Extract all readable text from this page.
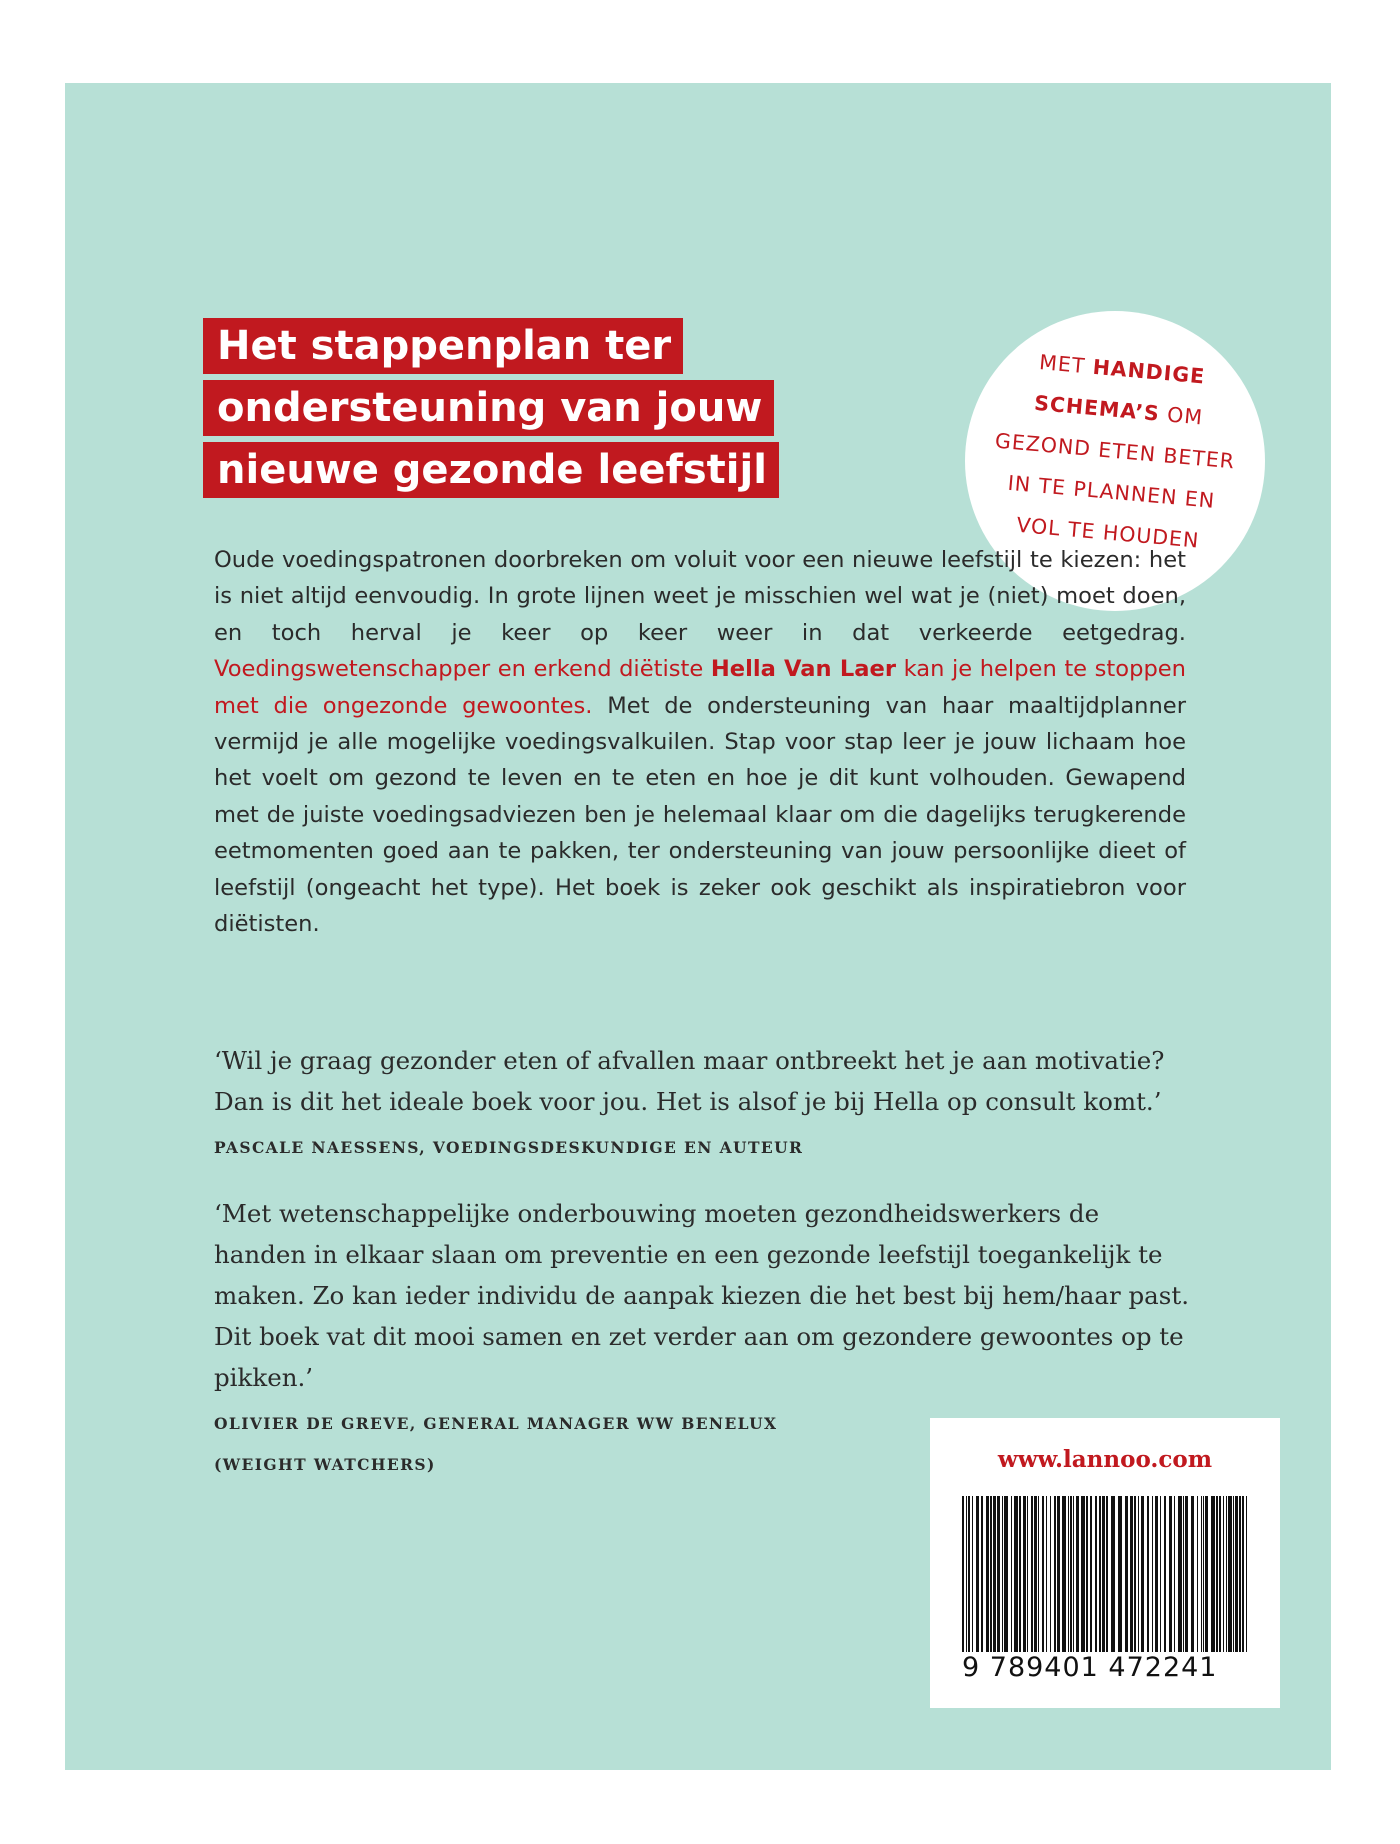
MET HANDIGE
SCHEMA’S OM
GEZOND ETEN BETER
IN TE PLANNEN EN
VOL TE HOUDEN
Het stappenplan ter
ondersteuning van jouw
nieuwe gezonde leefstijl
Oude voedingspatronen doorbreken om voluit voor een nieuwe leefstijl te kiezen: het is niet altijd eenvoudig. In grote lijnen weet je misschien wel wat je (niet) moet doen, en toch herval je keer op keer weer in dat verkeerde eetgedrag. Voedingswetenschapper en erkend diëtiste Hella Van Laer kan je helpen te stoppen met die ongezonde gewoontes. Met de ondersteuning van haar maaltijdplanner vermijd je alle mogelijke voedingsvalkuilen. Stap voor stap leer je jouw lichaam hoe het voelt om gezond te leven en te eten en hoe je dit kunt volhouden. Gewapend met de juiste voedingsadviezen ben je helemaal klaar om die dagelijks terugkerende eetmomenten goed aan te pakken, ter ondersteuning van jouw persoonlijke dieet of leefstijl (ongeacht het type). Het boek is zeker ook geschikt als inspiratiebron voor diëtisten.
‘Wil je graag gezonder eten of afvallen maar ontbreekt het je aan motivatie? Dan is dit het ideale boek voor jou. Het is alsof je bij Hella op consult komt.’
PASCALE NAESSENS, VOEDINGSDESKUNDIGE EN AUTEUR
‘Met wetenschappelijke onderbouwing moeten gezondheidswerkers de handen in elkaar slaan om preventie en een gezonde leefstijl toegankelijk te maken. Zo kan ieder individu de aanpak kiezen die het best bij hem/haar past. Dit boek vat dit mooi samen en zet verder aan om gezondere gewoontes op te pikken.’
OLIVIER DE GREVE, GENERAL MANAGER WW BENELUX
(WEIGHT WATCHERS)	www.lannoo.com
9 789401 472241
